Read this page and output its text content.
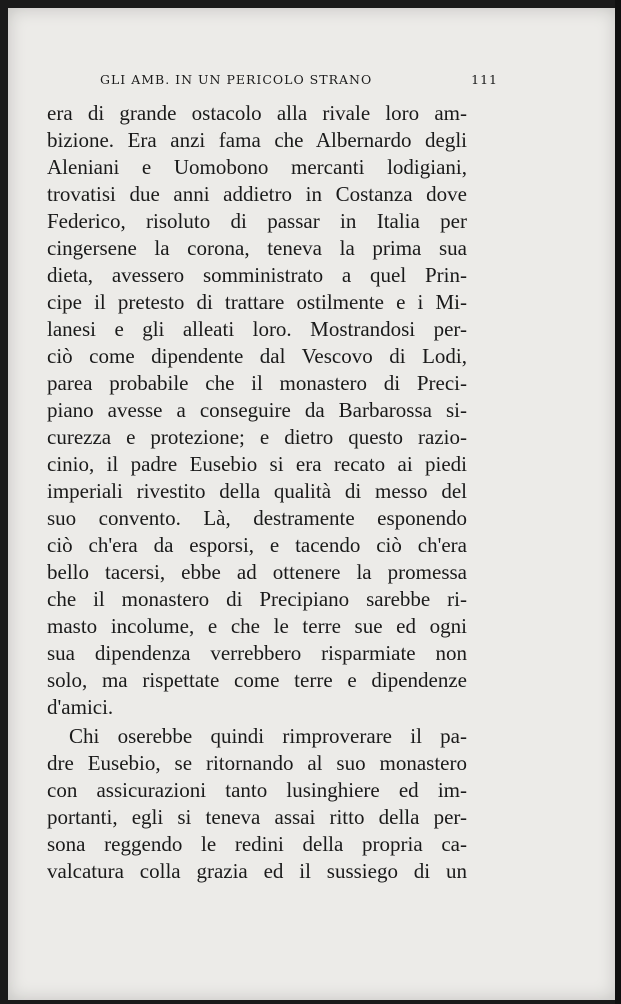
GLI AMB. IN UN PERICOLO STRANO	111
era di grande ostacolo alla rivale loro am-
bizione. Era anzi fama che Albernardo degli
Aleniani e Uomobono mercanti lodigiani,
trovatisi due anni addietro in Costanza dove
Federico, risoluto di passar in Italia per
cingersene la corona, teneva la prima sua
dieta, avessero somministrato a quel Prin-
cipe il pretesto di trattare ostilmente e i Mi-
lanesi e gli alleati loro. Mostrandosi per-
ciò come dipendente dal Vescovo di Lodi,
parea probabile che il monastero di Preci-
piano avesse a conseguire da Barbarossa si-
curezza e protezione; e dietro questo razio-
cinio, il padre Eusebio si era recato ai piedi
imperiali rivestito della qualità di messo del
suo convento. Là, destramente esponendo
ciò ch'era da esporsi, e tacendo ciò ch'era
bello tacersi, ebbe ad ottenere la promessa
che il monastero di Precipiano sarebbe ri-
masto incolume, e che le terre sue ed ogni
sua dipendenza verrebbero risparmiate non
solo, ma rispettate come terre e dipendenze
d'amici.
Chi oserebbe quindi rimproverare il pa-
dre Eusebio, se ritornando al suo monastero
con assicurazioni tanto lusinghiere ed im-
portanti, egli si teneva assai ritto della per-
sona reggendo le redini della propria ca-
valcatura colla grazia ed il sussiego di un
